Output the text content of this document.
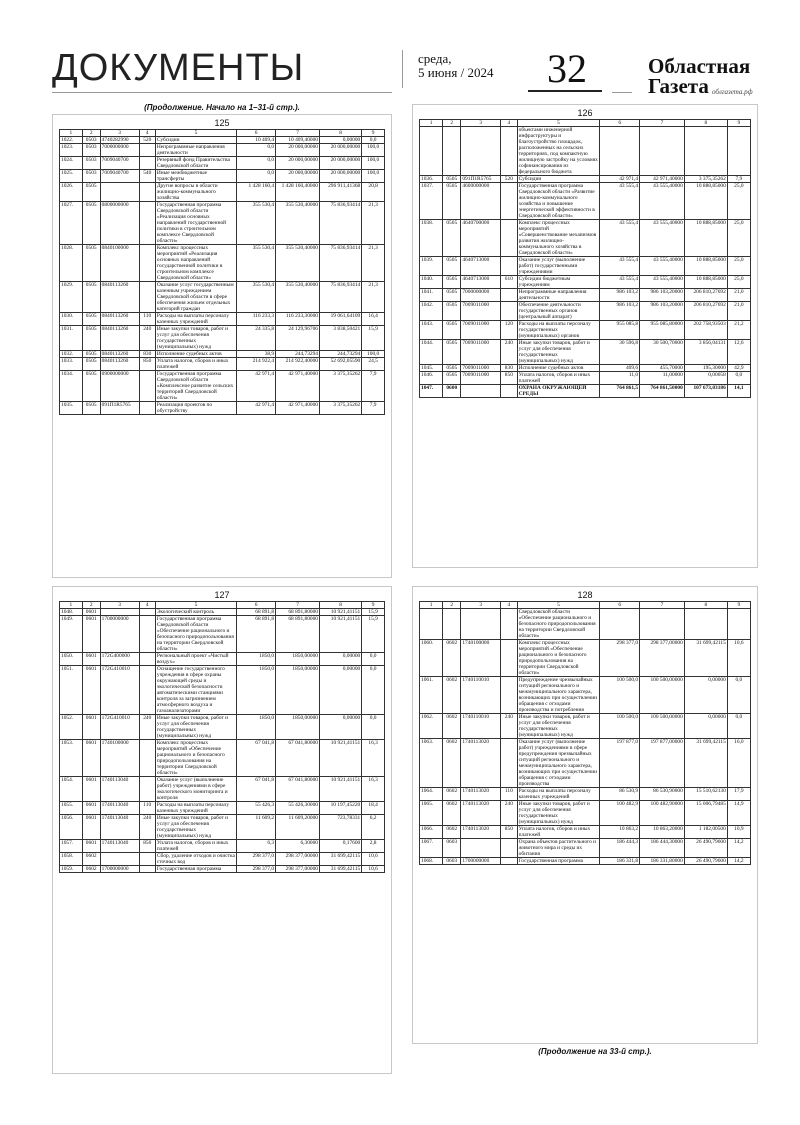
ДОКУМЕНТЫ	среда,
5 июня / 2024 32	Областная
Газета облгазета.рф
(Продолжение. Начало на 1–31-й стр.).
125
1	2	3	4	5	6	7	8	9
1022.	0503	4740282990	520	Субсидии	10 409,4	10 409,40000	0,00000	0,0
1023.	0503	7000000000		Непрограммные направления деятельности	0,0	20 000,00000	20 000,00000	100,0
1024.	0503	7009040700		Резервный фонд Правительства Свердловской области	0,0	20 000,00000	20 000,00000	100,0
1025.	0503	7009040700	540	Иные межбюджетные трансферты	0,0	20 000,00000	20 000,00000	100,0
1026.	0505			Другие вопросы в области жилищно-коммунального хозяйства	1 428 160,4	1 428 160,40000	296 911,41368	20,8
1027.	0505	0800000000		Государственная программа Свердловской области «Реализация основных направлений государственной политики в строительном комплексе Свердловской области»	355 530,4	355 530,40000	75 836,93414	21,3
1028.	0505	0840100000		Комплекс процессных мероприятий «Реализация основных направлений государственной политики в строительном комплексе Свердловской области»	355 530,4	355 530,40000	75 836,93414	21,3
1029.	0505	0840113260		Оказание услуг государственным казенным учреждением Свердловской области в сфере обеспечения жильем отдельных категорий граждан	355 530,4	355 530,40000	75 836,93414	21,3
1030.	0505	0840113260	110	Расходы на выплаты персоналу казенных учреждений	116 233,3	116 233,30000	19 061,64109	16,4
1031.	0505	0840113260	240	Иные закупки товаров, работ и услуг для обеспечения государственных (муниципальных) нужд	24 335,8	24 129,96706	3 838,50421	15,9
1032.	0505	0840113260	830	Исполнение судебных актов	38,9	244,73294	244,73294	100,0
1033.	0505	0840113260	850	Уплата налогов, сборов и иных платежей	214 922,4	214 922,40000	52 692,05590	24,5
1034.	0505	0900000000		Государственная программа Свердловской области «Комплексное развитие сельских территорий Свердловской области»	42 971,4	42 971,40000	3 375,35262	7,9
1035.	0505	091П1R5765		Реализация проектов по обустройству	42 971,4	42 971,40000	3 375,35262	7,9
126
1	2	3	4	5	6	7	8	9
				объектами инженерной инфраструктуры и благоустройство площадок, расположенных на сельских территориях, под компактную жилищную застройку на условиях софинансирования из федерального бюджета				
1036.	0505	091П1R5765	520	Субсидии	42 971,4	42 971,40000	3 375,35262	7,9
1037.	0505	4600000000		Государственная программа Свердловской области «Развитие жилищно-коммунального хозяйства и повышение энергетической эффективности в Свердловской области»	43 555,4	43 555,40000	10 888,85000	25,0
1038.	0505	4640700000		Комплекс процессных мероприятий «Совершенствование механизмов развития жилищно-коммунального хозяйства в Свердловской области»	43 555,4	43 555,40000	10 888,85000	25,0
1039.	0505	4640713000		Оказание услуг (выполнение работ) государственными учреждениями	43 555,4	43 555,40000	10 888,85000	25,0
1040.	0505	4640713000	610	Субсидии бюджетным учреждениям	43 555,4	43 555,40000	10 888,85000	25,0
1041.	0505	7000000000		Непрограммные направления деятельности	986 103,2	986 103,20000	206 810,27692	21,0
1042.	0505	7009011000		Обеспечение деятельности государственных органов (центральный аппарат)	986 103,2	986 103,20000	206 810,27692	21,0
1043.	0505	7009011000	120	Расходы на выплаты персоналу государственных (муниципальных) органов	955 085,8	955 085,80000	202 758,93503	21,2
1044.	0505	7009011000	240	Иные закупки товаров, работ и услуг для обеспечения государственных (муниципальных) нужд	30 596,8	30 500,70000	3 856,04131	12,6
1045.	0505	7009011000	830	Исполнение судебных актов	409,6	455,70000	195,30000	42,9
1046.	0505	7009011000	850	Уплата налогов, сборов и иных платежей	11,0	11,00000	0,00058	0,0
1047.	0600			ОХРАНА ОКРУЖАЮЩЕЙ СРЕДЫ	764 861,5	764 861,50000	107 673,03186	14,1
127
1	2	3	4	5	6	7	8	9
1048.	0601			Экологический контроль	68 891,8	68 891,80000	10 921,41151	15,9
1049.	0601	1700000000		Государственная программа Свердловской области «Обеспечение рационального и безопасного природопользования на территории Свердловской области»	68 891,8	68 891,80000	10 921,41151	15,9
1050.	0601	172G400000		Региональный проект «Чистый воздух»	1850,0	1850,00000	0,00000	0,0
1051.	0601	172G410010		Оснащение государственного учреждения в сфере охраны окружающей среды и экологической безопасности автоматическими станциями контроля за загрязнением атмосферного воздуха и газоанализаторами	1850,0	1850,00000	0,00000	0,0
1052.	0601	172G410010	240	Иные закупки товаров, работ и услуг для обеспечения государственных (муниципальных) нужд	1850,0	1850,00000	0,00000	0,0
1053.	0601	1740100000		Комплекс процессных мероприятий «Обеспечение рационального и безопасного природопользования на территории Свердловской области»	67 041,8	67 041,80000	10 921,41151	16,3
1054.	0601	1740113040		Оказание услуг (выполнение работ) учреждениями в сфере экологического мониторинга и контроля	67 041,8	67 041,80000	10 921,41151	16,3
1055.	0601	1740113040	110	Расходы на выплаты персоналу казенных учреждений	55 426,3	55 426,30000	10 197,45220	18,4
1056.	0601	1740113040	240	Иные закупки товаров, работ и услуг для обеспечения государственных (муниципальных) нужд	11 609,2	11 609,20000	723,78331	6,2
1057.	0601	1740113040	850	Уплата налогов, сборов и иных платежей	6,3	6,30000	0,17600	2,8
1058.	0602			Сбор, удаление отходов и очистка сточных вод	298 377,0	298 377,00000	31 699,42115	10,6
1059.	0602	1700000000		Государственная программа	298 377,0	298 377,00000	31 699,42115	10,6
128
1	2	3	4	5	6	7	8	9
				Свердловской области «Обеспечение рационального и безопасного природопользования на территории Свердловской области»				
1060.	0602	1740100000		Комплекс процессных мероприятий «Обеспечение рационального и безопасного природопользования на территории Свердловской области»	298 377,0	298 377,00000	31 699,42115	10,6
1061.	0602	1740110010		Предупреждение чрезвычайных ситуаций регионального и межмуниципального характера, возникающих при осуществлении обращения с отходами производства и потребления	100 500,0	100 500,00000	0,00000	0,0
1062.	0602	1740110010	240	Иные закупки товаров, работ и услуг для обеспечения государственных (муниципальных) нужд	100 500,0	100 500,00000	0,00000	0,0
1063.	0602	1740113020		Оказание услуг (выполнение работ) учреждениями в сфере предупреждения чрезвычайных ситуаций регионального и межмуниципального характера, возникающих при осуществлении обращения с отходами производства	197 877,0	197 877,00000	31 699,42115	16,0
1064.	0602	1740113020	110	Расходы на выплаты персоналу казенных учреждений	86 530,9	86 530,90000	15 510,62130	17,9
1065.	0602	1740113020	240	Иные закупки товаров, работ и услуг для обеспечения государственных (муниципальных) нужд	100 482,9	100 482,90000	15 006,79485	14,9
1066.	0602	1740113020	850	Уплата налогов, сборов и иных платежей	10 863,2	10 863,20000	1 182,00500	10,9
1067.	0603			Охрана объектов растительного и животного мира и среды их обитания	186 444,3	186 444,30000	26 490,79600	14,2
1068.	0603	1700000000		Государственная программа	186 331,8	186 331,80000	26 490,79600	14,2
(Продолжение на 33-й стр.).
